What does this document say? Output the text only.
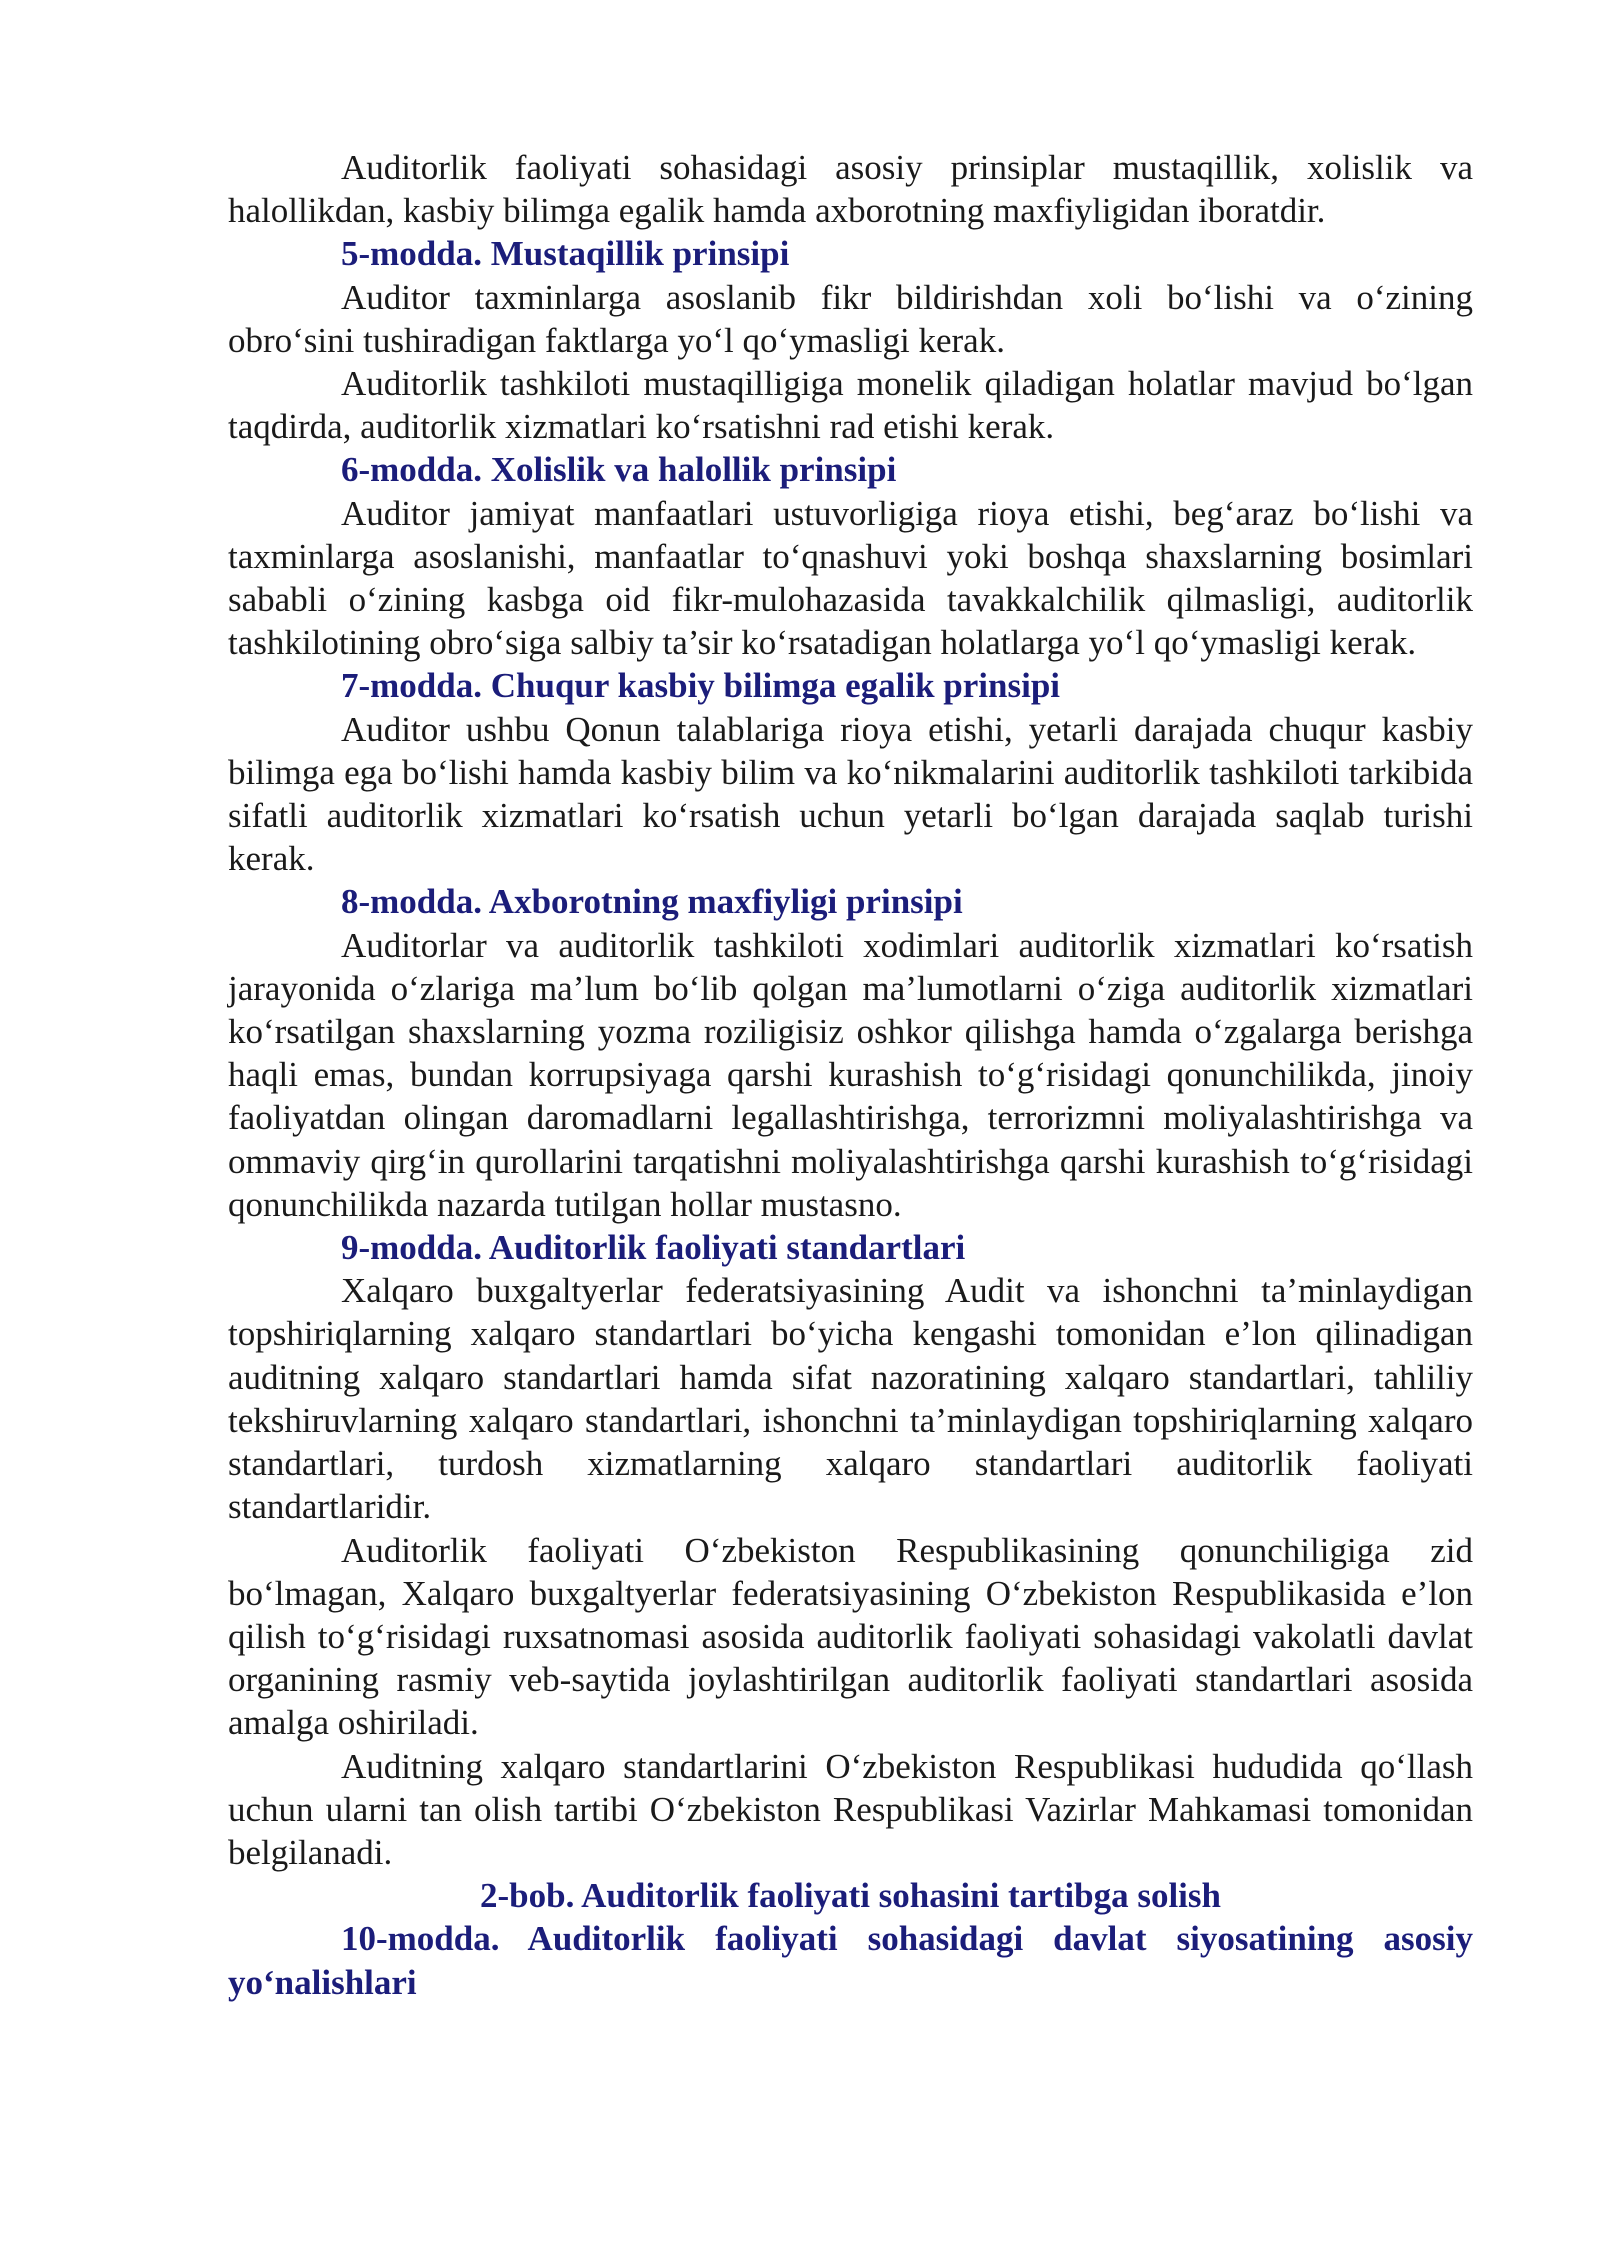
Auditorlik faoliyati sohasidagi asosiy prinsiplar mustaqillik, xolislik va halollikdan, kasbiy bilimga egalik hamda axborotning maxfiyligidan iboratdir.

5-modda. Mustaqillik prinsipi

Auditor taxminlarga asoslanib fikr bildirishdan xoli bo‘lishi va o‘zining obro‘sini tushiradigan faktlarga yo‘l qo‘ymasligi kerak.

Auditorlik tashkiloti mustaqilligiga monelik qiladigan holatlar mavjud bo‘lgan taqdirda, auditorlik xizmatlari ko‘rsatishni rad etishi kerak.

6-modda. Xolislik va halollik prinsipi

Auditor jamiyat manfaatlari ustuvorligiga rioya etishi, beg‘araz bo‘lishi va taxminlarga asoslanishi, manfaatlar to‘qnashuvi yoki boshqa shaxslarning bosimlari sababli o‘zining kasbga oid fikr-mulohazasida tavakkalchilik qilmasligi, auditorlik tashkilotining obro‘siga salbiy ta’sir ko‘rsatadigan holatlarga yo‘l qo‘ymasligi kerak.

7-modda. Chuqur kasbiy bilimga egalik prinsipi

Auditor ushbu Qonun talablariga rioya etishi, yetarli darajada chuqur kasbiy bilimga ega bo‘lishi hamda kasbiy bilim va ko‘nikmalarini auditorlik tashkiloti tarkibida sifatli auditorlik xizmatlari ko‘rsatish uchun yetarli bo‘lgan darajada saqlab turishi kerak.

8-modda. Axborotning maxfiyligi prinsipi

Auditorlar va auditorlik tashkiloti xodimlari auditorlik xizmatlari ko‘rsatish jarayonida o‘zlariga ma’lum bo‘lib qolgan ma’lumotlarni o‘ziga auditorlik xizmatlari ko‘rsatilgan shaxslarning yozma roziligisiz oshkor qilishga hamda o‘zgalarga berishga haqli emas, bundan korrupsiyaga qarshi kurashish to‘g‘risidagi qonunchilikda, jinoiy faoliyatdan olingan daromadlarni legallashtirishga, terrorizmni moliyalashtirishga va ommaviy qirg‘in qurollarini tarqatishni moliyalashtirishga qarshi kurashish to‘g‘risidagi qonunchilikda nazarda tutilgan hollar mustasno.

9-modda. Auditorlik faoliyati standartlari

Xalqaro buxgaltyerlar federatsiyasining Audit va ishonchni ta’minlaydigan topshiriqlarning xalqaro standartlari bo‘yicha kengashi tomonidan e’lon qilinadigan auditning xalqaro standartlari hamda sifat nazoratining xalqaro standartlari, tahliliy tekshiruvlarning xalqaro standartlari, ishonchni ta’minlaydigan topshiriqlarning xalqaro standartlari, turdosh xizmatlarning xalqaro standartlari auditorlik faoliyati standartlaridir.

Auditorlik faoliyati O‘zbekiston Respublikasining qonunchiligiga zid bo‘lmagan, Xalqaro buxgaltyerlar federatsiyasining O‘zbekiston Respublikasida e’lon qilish to‘g‘risidagi ruxsatnomasi asosida auditorlik faoliyati sohasidagi vakolatli davlat organining rasmiy veb-saytida joylashtirilgan auditorlik faoliyati standartlari asosida amalga oshiriladi.

Auditning xalqaro standartlarini O‘zbekiston Respublikasi hududida qo‘llash uchun ularni tan olish tartibi O‘zbekiston Respublikasi Vazirlar Mahkamasi tomonidan belgilanadi.

2-bob. Auditorlik faoliyati sohasini tartibga solish

10-modda. Auditorlik faoliyati sohasidagi davlat siyosatining asosiy yo‘nalishlari
